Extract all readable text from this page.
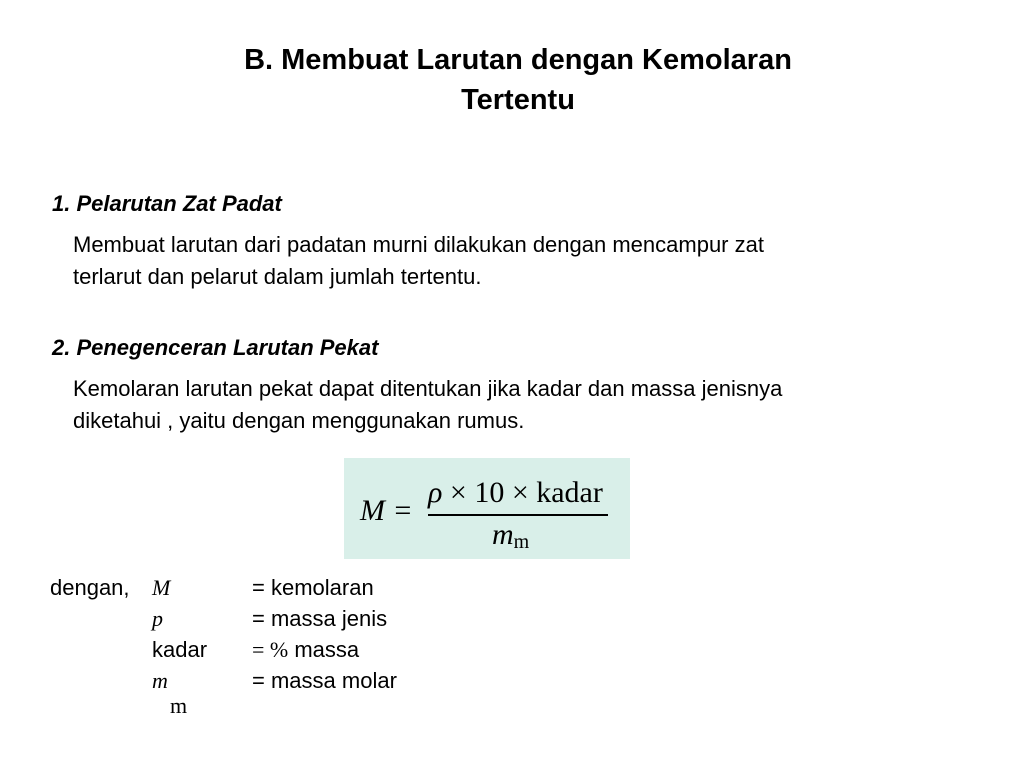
B. Membuat Larutan dengan Kemolaran
Tertentu
1. Pelarutan Zat Padat
Membuat larutan dari padatan murni dilakukan dengan mencampur zat
terlarut dan pelarut dalam jumlah tertentu.
2. Penegenceran Larutan Pekat
Kemolaran larutan pekat dapat ditentukan jika kadar dan massa jenisnya
diketahui , yaitu dengan menggunakan rumus.
M =
ρ × 10 × kadar
$m_m$
dengan, M	= kemolaran
p	= massa jenis
kadar = % massa
m	= massa molar
m
